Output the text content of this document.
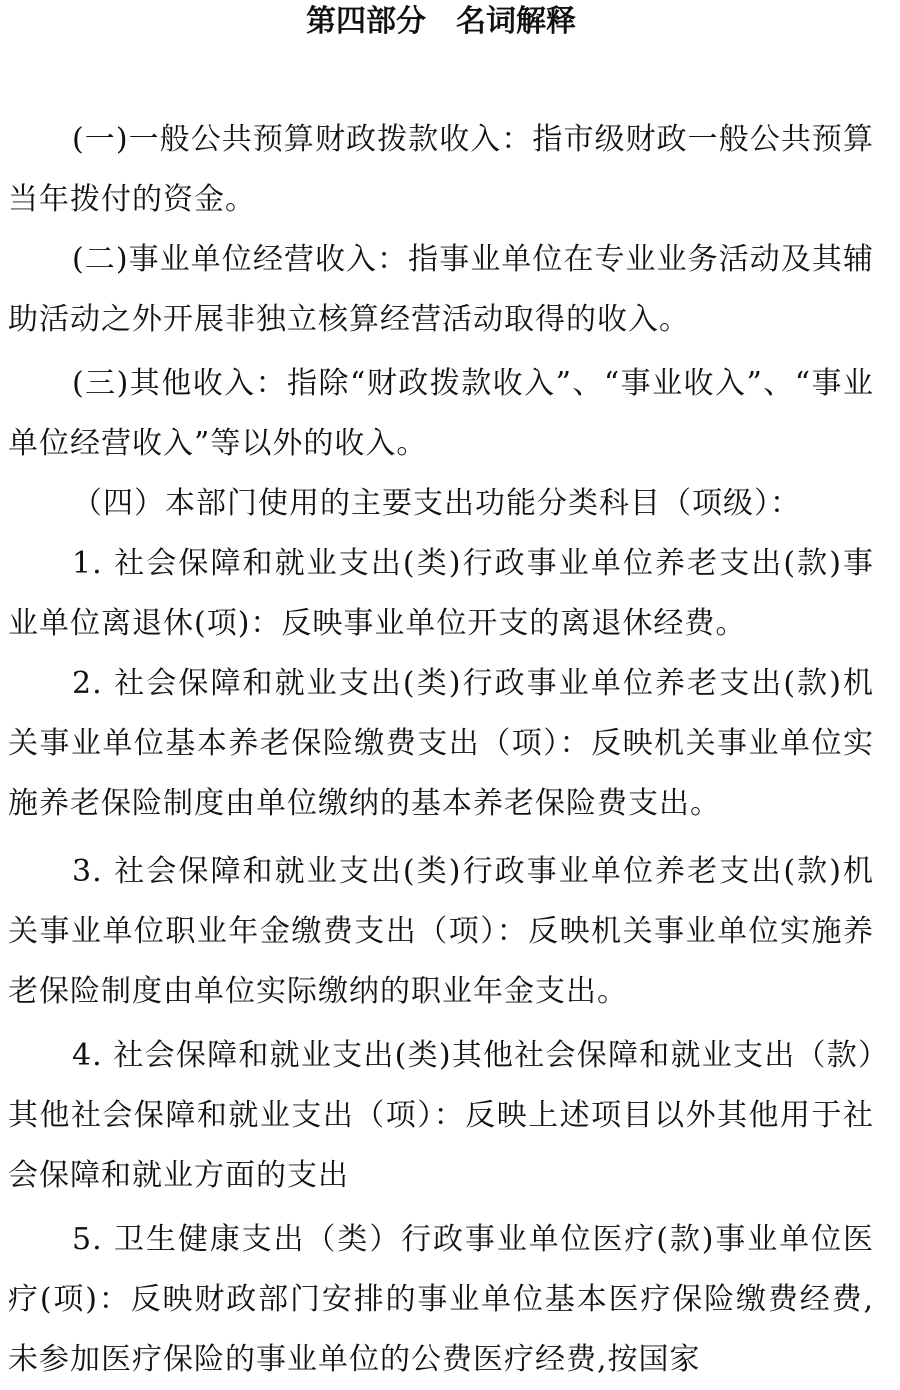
第四部分　名词解释

(一)一般公共预算财政拨款收入：指市级财政一般公共预算当年拨付的资金。

(二)事业单位经营收入：指事业单位在专业业务活动及其辅助活动之外开展非独立核算经营活动取得的收入。

(三)其他收入：指除“财政拨款收入”、“事业收入”、“事业单位经营收入”等以外的收入。

（四）本部门使用的主要支出功能分类科目（项级）：

1. 社会保障和就业支出(类)行政事业单位养老支出(款)事业单位离退休(项)：反映事业单位开支的离退休经费。

2. 社会保障和就业支出(类)行政事业单位养老支出(款)机关事业单位基本养老保险缴费支出（项）：反映机关事业单位实施养老保险制度由单位缴纳的基本养老保险费支出。

3. 社会保障和就业支出(类)行政事业单位养老支出(款)机关事业单位职业年金缴费支出（项）：反映机关事业单位实施养老保险制度由单位实际缴纳的职业年金支出。

4. 社会保障和就业支出(类)其他社会保障和就业支出（款）其他社会保障和就业支出（项）：反映上述项目以外其他用于社会保障和就业方面的支出

5. 卫生健康支出（类）行政事业单位医疗(款)事业单位医疗(项)：反映财政部门安排的事业单位基本医疗保险缴费经费,未参加医疗保险的事业单位的公费医疗经费,按国家
